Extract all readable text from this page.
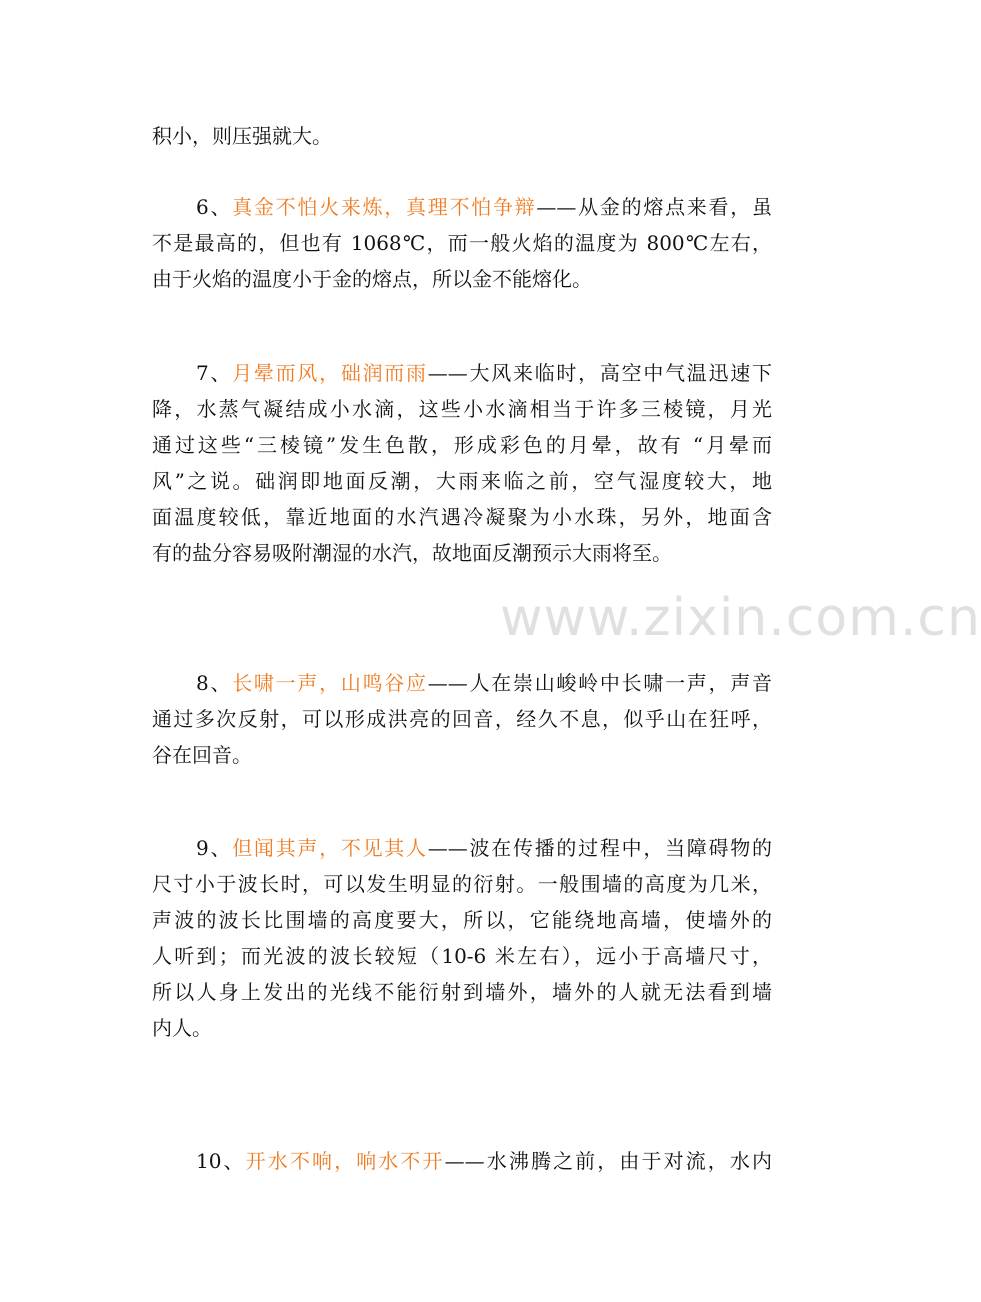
积小，则压强就大。
6、真金不怕火来炼，真理不怕争辩——从金的熔点来看，虽
不是最高的，但也有 1068℃，而一般火焰的温度为 800℃左右，
由于火焰的温度小于金的熔点，所以金不能熔化。
7、月晕而风，础润而雨——大风来临时，高空中气温迅速下
降，水蒸气凝结成小水滴，这些小水滴相当于许多三棱镜，月光
通过这些“三棱镜”发生色散，形成彩色的月晕，故有 “月晕而
风”之说。础润即地面反潮，大雨来临之前，空气湿度较大，地
面温度较低，靠近地面的水汽遇冷凝聚为小水珠，另外，地面含
有的盐分容易吸附潮湿的水汽，故地面反潮预示大雨将至。
8、长啸一声，山鸣谷应——人在崇山峻岭中长啸一声，声音
通过多次反射，可以形成洪亮的回音，经久不息，似乎山在狂呼，
谷在回音。
9、但闻其声，不见其人——波在传播的过程中，当障碍物的
尺寸小于波长时，可以发生明显的衍射。一般围墙的高度为几米，
声波的波长比围墙的高度要大，所以，它能绕地高墙，使墙外的
人听到；而光波的波长较短（10-6 米左右），远小于高墙尺寸，
所以人身上发出的光线不能衍射到墙外，墙外的人就无法看到墙
内人。
10、开水不响，响水不开——水沸腾之前，由于对流，水内
www.zixin.com.cn
